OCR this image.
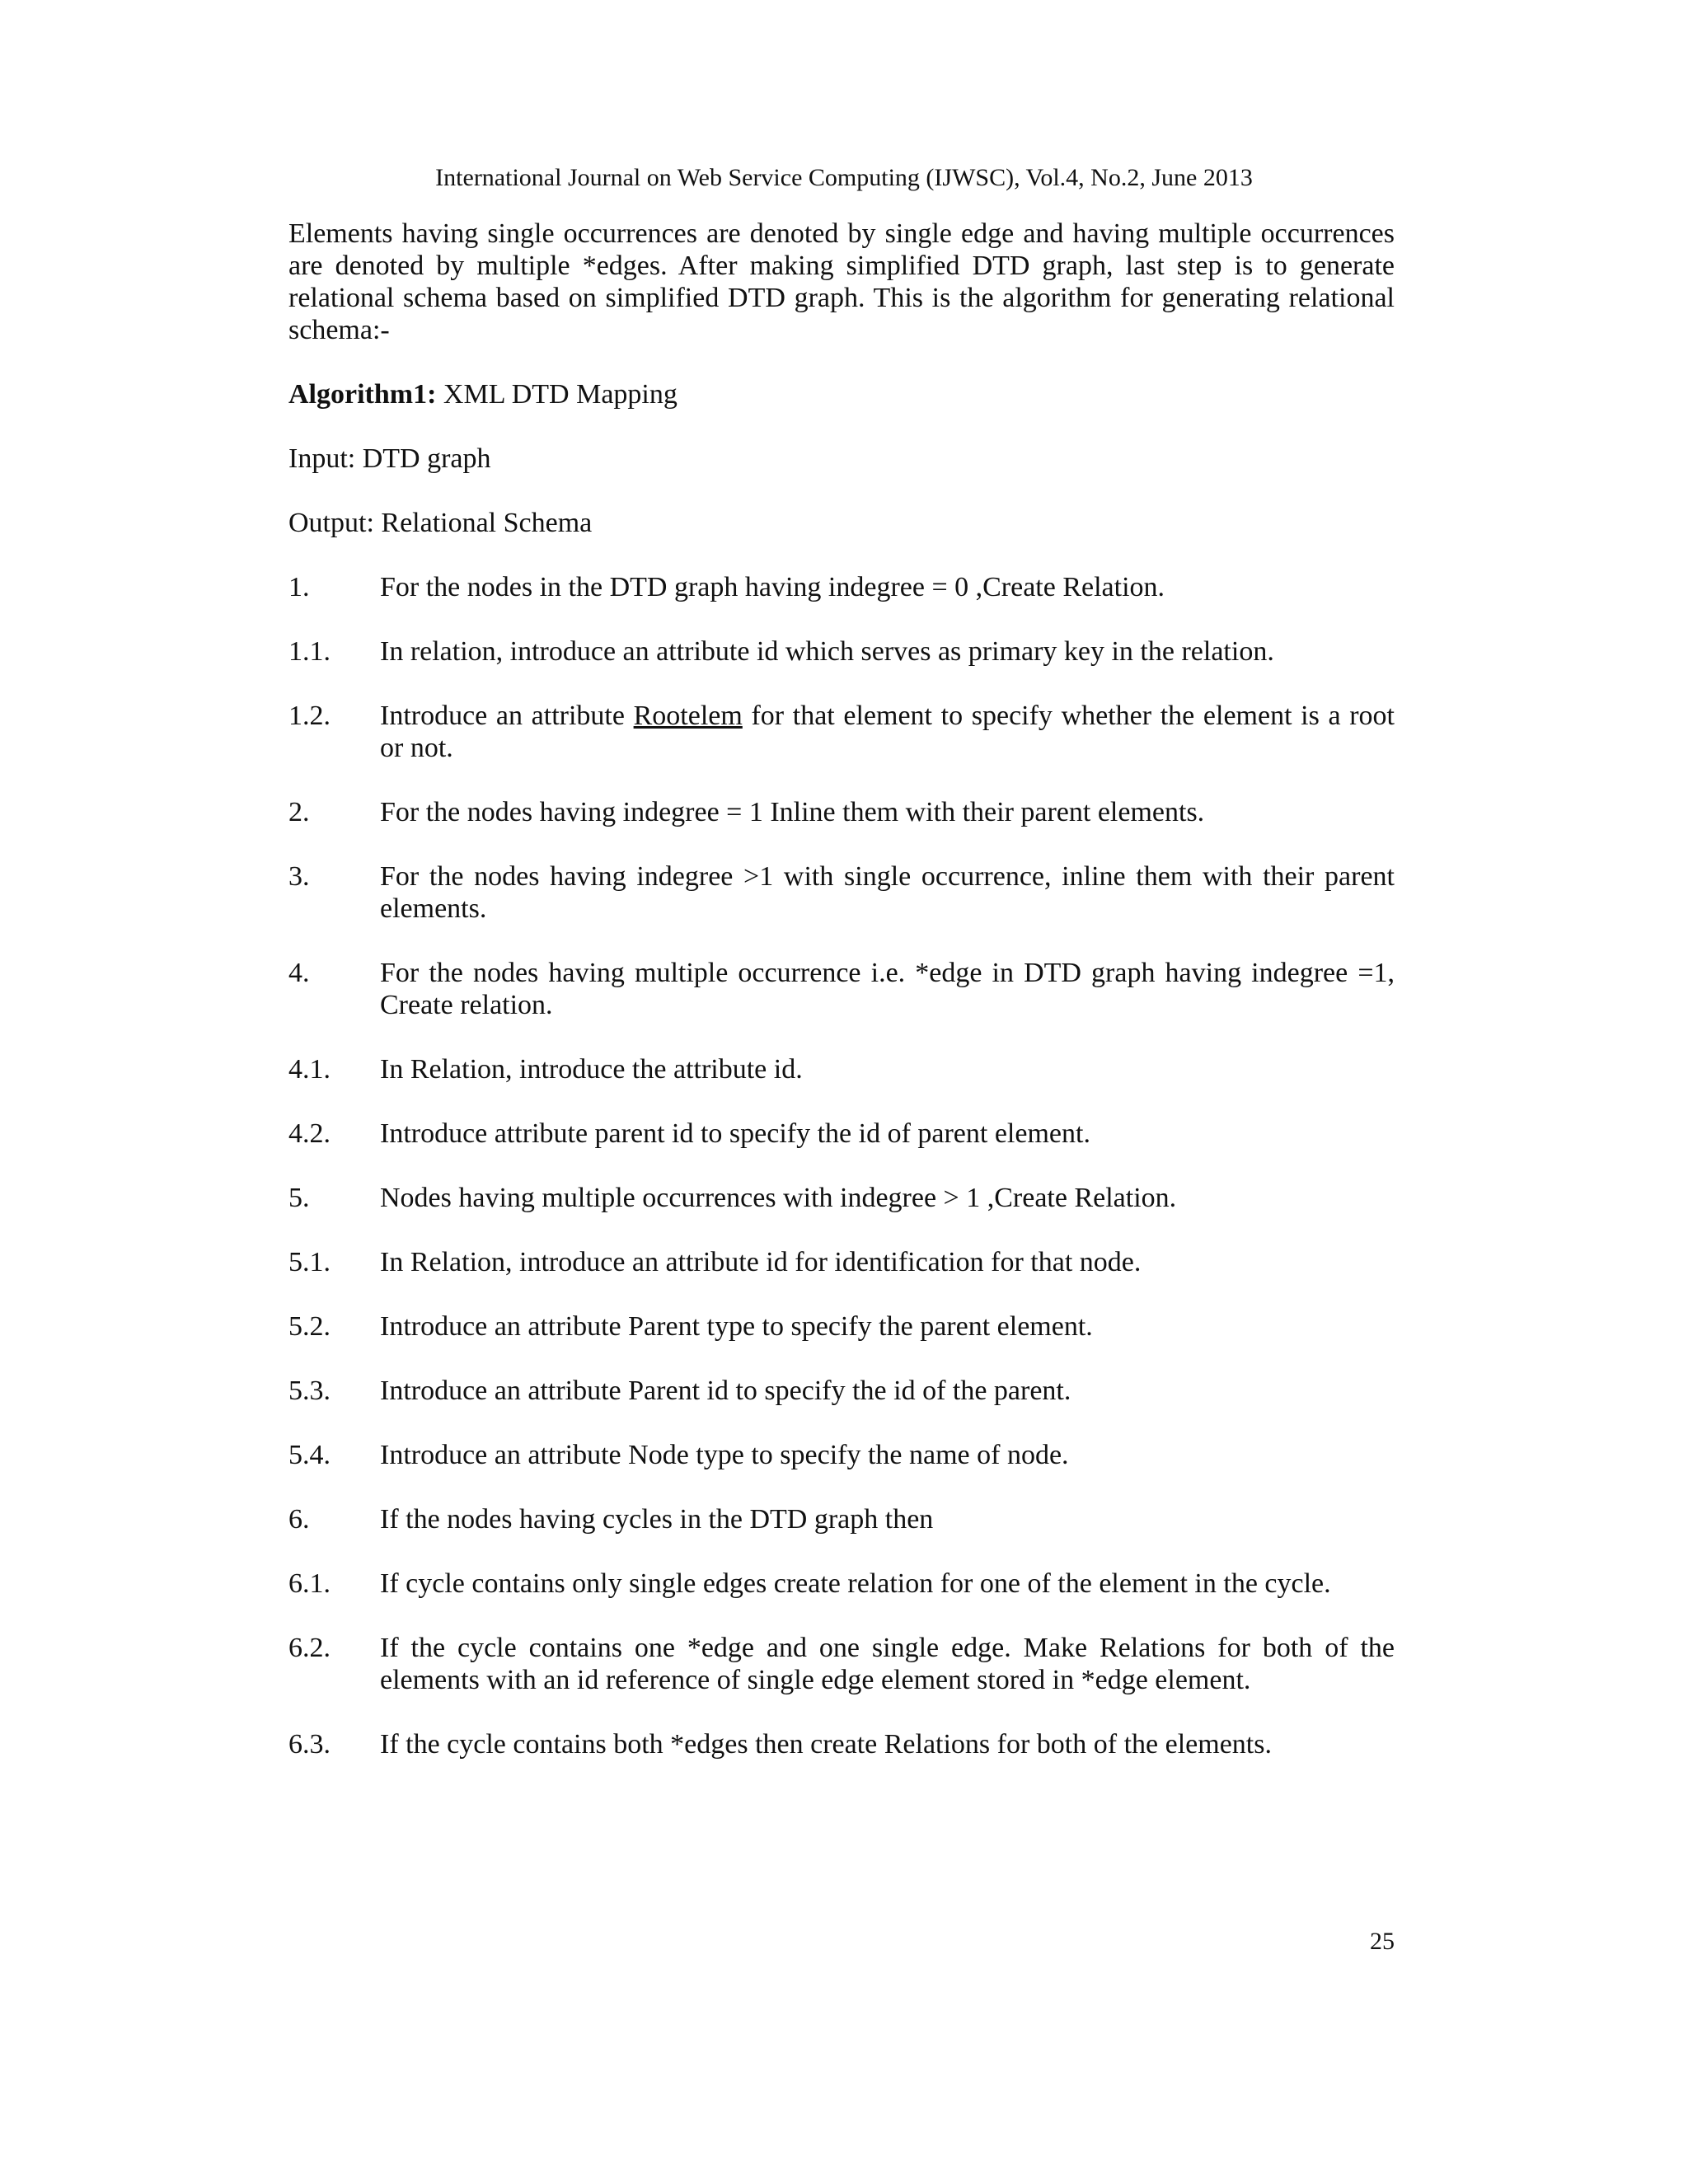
International Journal on Web Service Computing (IJWSC), Vol.4, No.2, June 2013

Elements having single occurrences are denoted by single edge and having multiple occurrences are denoted by multiple *edges. After making simplified DTD graph, last step is to generate relational schema based on simplified DTD graph. This is the algorithm for generating relational schema:-

Algorithm1: XML DTD Mapping

Input: DTD graph

Output: Relational Schema

1.	For the nodes in the DTD graph having indegree = 0 ,Create Relation.
1.1.	In relation, introduce an attribute id which serves as primary key in the relation.
1.2.	Introduce an attribute Rootelem for that element to specify whether the element is a root or not.
2.	For the nodes having indegree = 1 Inline them with their parent elements.
3.	For the nodes having indegree >1 with single occurrence, inline them with their parent elements.
4.	For the nodes having multiple occurrence i.e. *edge in DTD graph having indegree =1, Create relation.
4.1.	In Relation, introduce the attribute id.
4.2.	Introduce attribute parent id to specify the id of parent element.
5.	Nodes having multiple occurrences with indegree > 1 ,Create Relation.
5.1.	In Relation, introduce an attribute id for identification for that node.
5.2.	Introduce an attribute Parent type to specify the parent element.
5.3.	Introduce an attribute Parent id to specify the id of the parent.
5.4.	Introduce an attribute Node type to specify the name of node.
6.	If the nodes having cycles in the DTD graph then
6.1.	If cycle contains only single edges create relation for one of the element in the cycle.
6.2.	If the cycle contains one *edge and one single edge. Make Relations for both of the elements with an id reference of single edge element stored in *edge element.
6.3.	If the cycle contains both *edges then create Relations for both of the elements.
25
